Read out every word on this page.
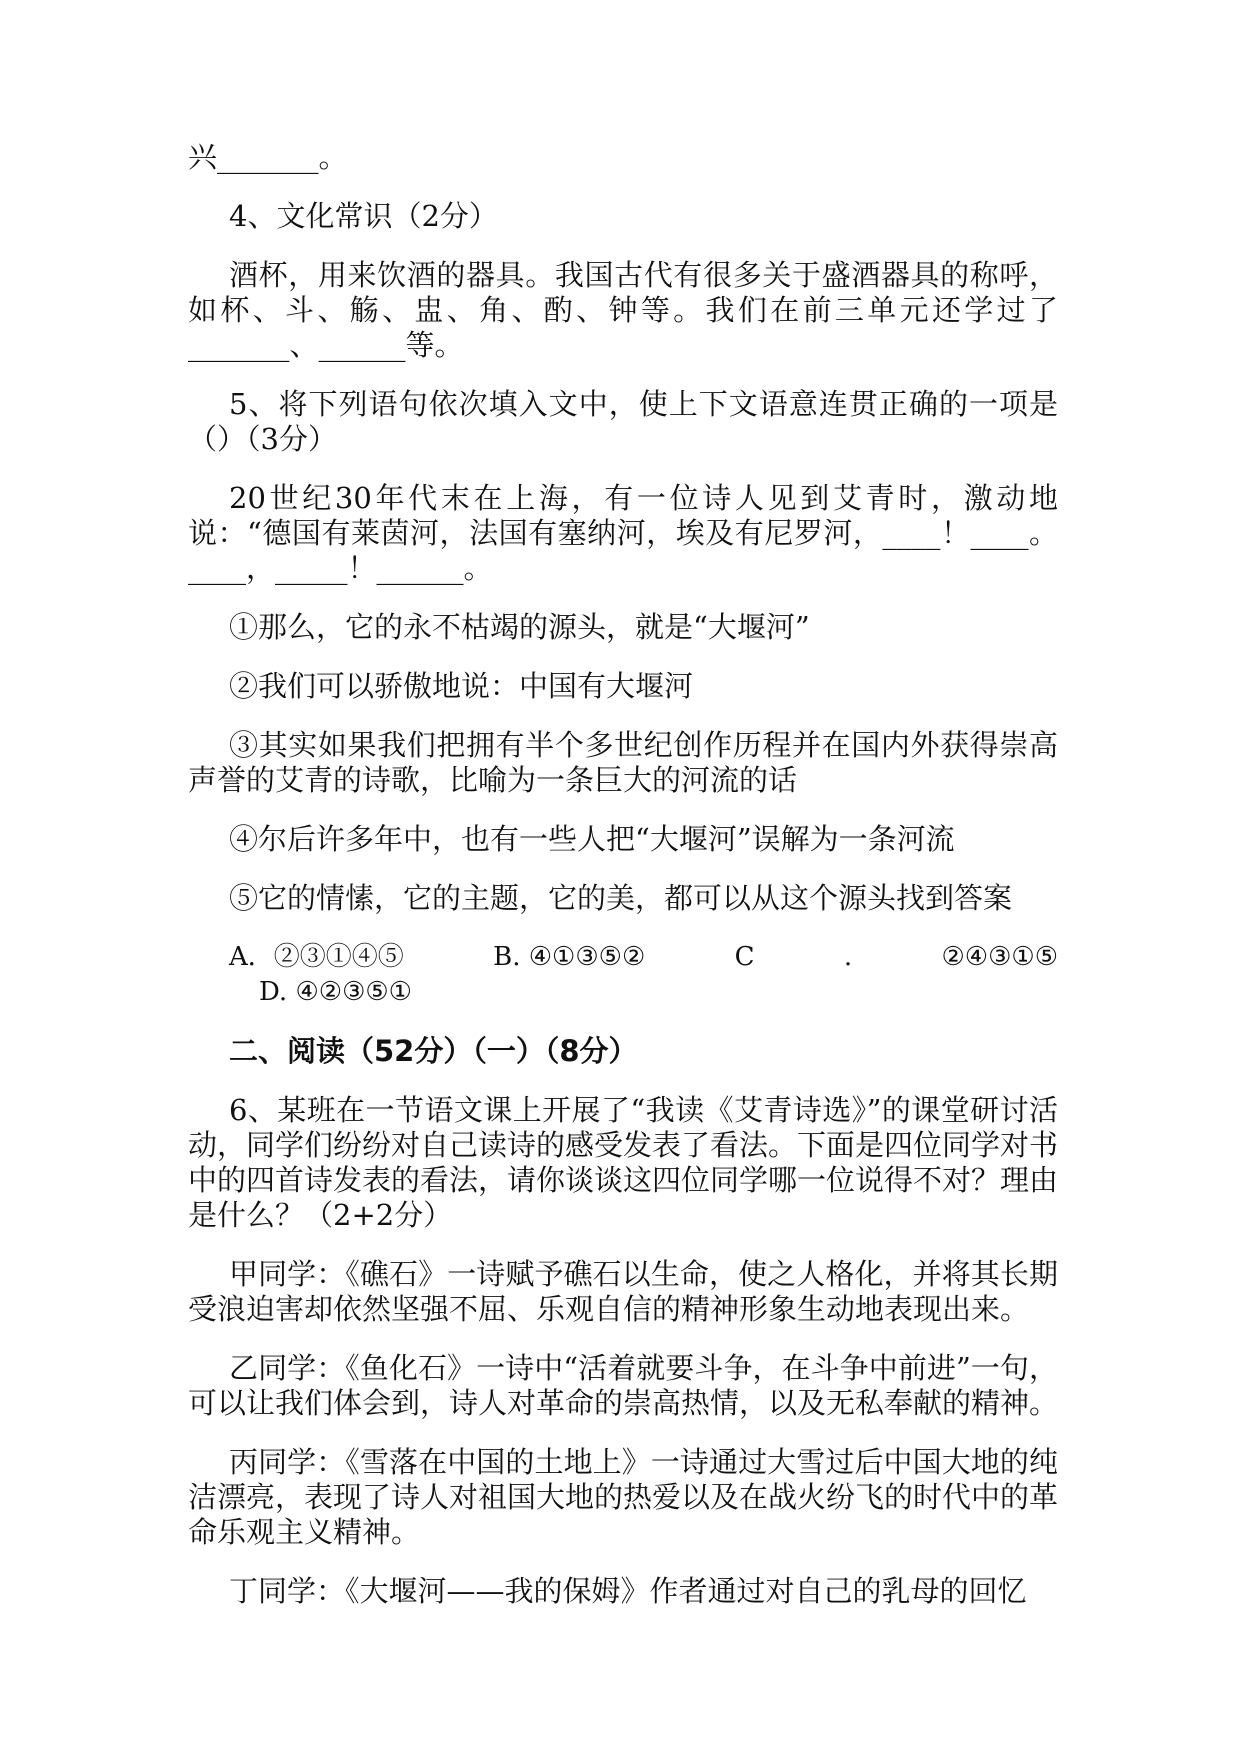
兴_______。

4、文化常识（2分）

酒杯，用来饮酒的器具。我国古代有很多关于盛酒器具的称呼，如杯、斗、觞、盅、角、酌、钟等。我们在前三单元还学过了_______、______等。

5、将下列语句依次填入文中，使上下文语意连贯正确的一项是（）（3分）

20世纪30年代末在上海，有一位诗人见到艾青时，激动地说：“德国有莱茵河，法国有塞纳河，埃及有尼罗河，____！____。____，_____！______。

①那么，它的永不枯竭的源头，就是“大堰河”

②我们可以骄傲地说：中国有大堰河

③其实如果我们把拥有半个多世纪创作历程并在国内外获得崇高声誉的艾青的诗歌，比喻为一条巨大的河流的话

④尔后许多年中，也有一些人把“大堰河”误解为一条河流

⑤它的情愫，它的主题，它的美，都可以从这个源头找到答案

A．②③①④⑤	B. ④①③⑤②	C	.	②④③①⑤
D. ④②③⑤①

二、阅读（52分）（一）（8分）

6、某班在一节语文课上开展了“我读《艾青诗选》”的课堂研讨活动，同学们纷纷对自己读诗的感受发表了看法。下面是四位同学对书中的四首诗发表的看法，请你谈谈这四位同学哪一位说得不对？理由是什么？（2+2分）

甲同学：《礁石》一诗赋予礁石以生命，使之人格化，并将其长期受浪迫害却依然坚强不屈、乐观自信的精神形象生动地表现出来。

乙同学：《鱼化石》一诗中“活着就要斗争，在斗争中前进”一句，可以让我们体会到，诗人对革命的崇高热情，以及无私奉献的精神。

丙同学：《雪落在中国的土地上》一诗通过大雪过后中国大地的纯洁漂亮，表现了诗人对祖国大地的热爱以及在战火纷飞的时代中的革命乐观主义精神。

丁同学：《大堰河——我的保姆》作者通过对自己的乳母的回忆
